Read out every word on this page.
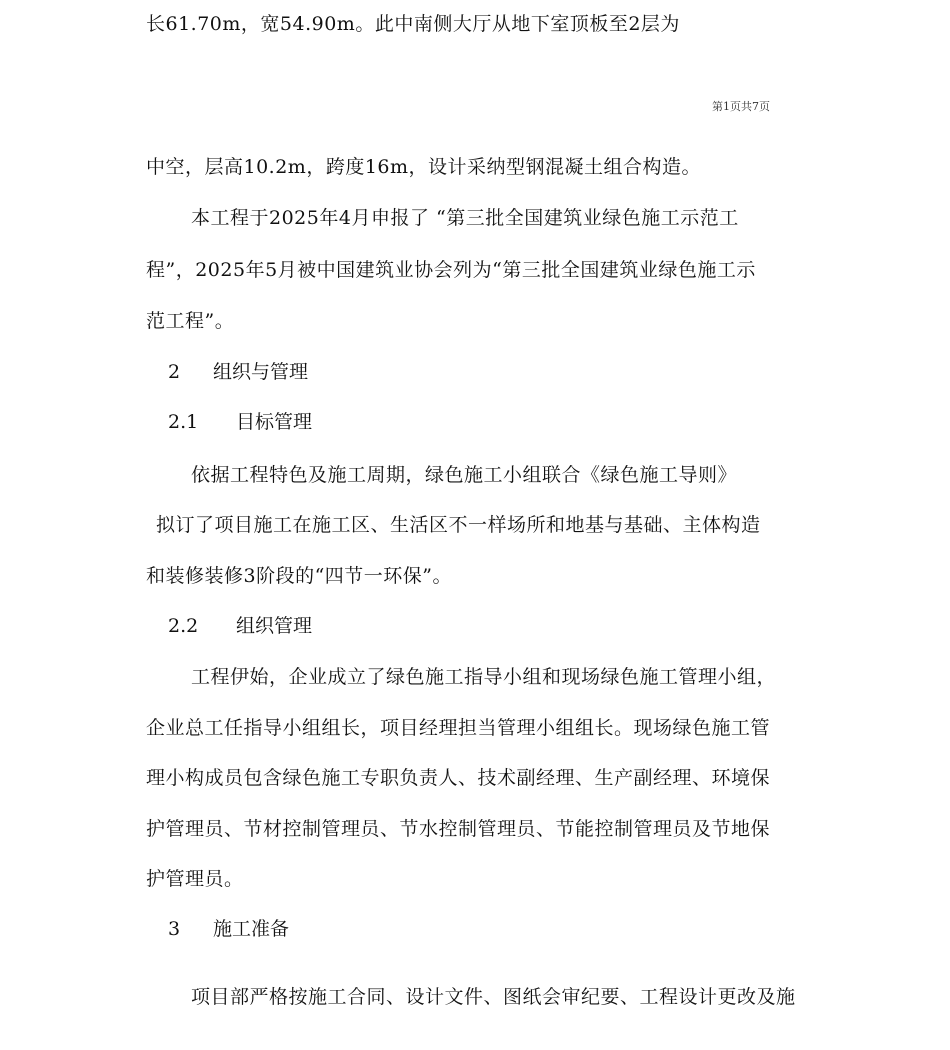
长61.70m，宽54.90m。此中南侧大厅从地下室顶板至2层为
第1页共7页
中空，层高10.2m，跨度16m，设计采纳型钢混凝土组合构造。
本工程于2025年4月申报了 “第三批全国建筑业绿色施工示范工
程”，2025年5月被中国建筑业协会列为“第三批全国建筑业绿色施工示
范工程”。
2 组织与管理
2.1 目标管理
依据工程特色及施工周期，绿色施工小组联合《绿色施工导则》
拟订了项目施工在施工区、生活区不一样场所和地基与基础、主体构造
和装修装修3阶段的“四节一环保”。
2.2 组织管理
工程伊始，企业成立了绿色施工指导小组和现场绿色施工管理小组，
企业总工任指导小组组长，项目经理担当管理小组组长。现场绿色施工管
理小构成员包含绿色施工专职负责人、技术副经理、生产副经理、环境保
护管理员、节材控制管理员、节水控制管理员、节能控制管理员及节地保
护管理员。
3 施工准备
项目部严格按施工合同、设计文件、图纸会审纪要、工程设计更改及施
